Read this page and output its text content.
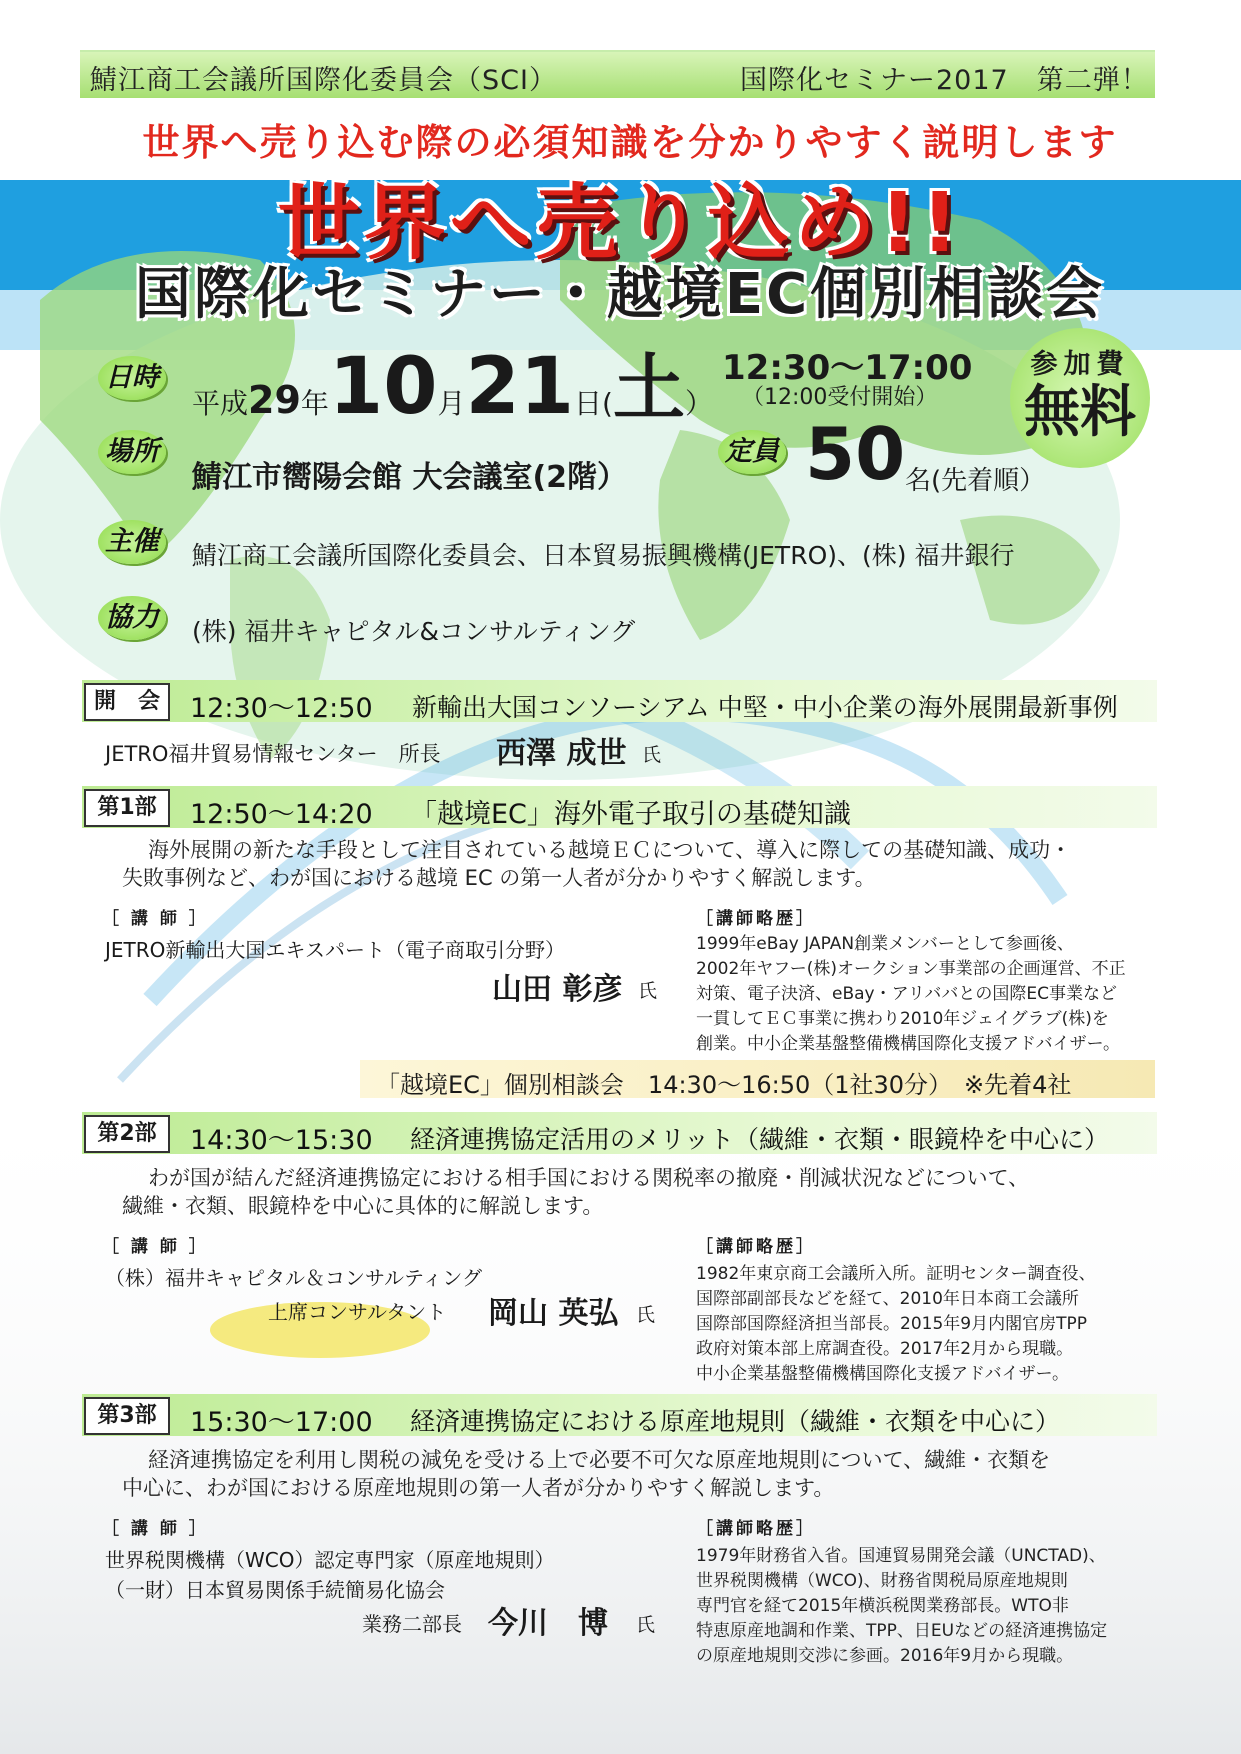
鯖江商工会議所国際化委員会（SCI）	国際化セミナー2017　第二弾！
世界へ売り込む際の必須知識を分かりやすく説明します
世界へ売り込め!!
国際化セミナー・越境EC個別相談会
日時
平成29年10月21日(土）
12:30〜17:00
（12:00受付開始）
参加費
無料
場所
鯖江市嚮陽会館 大会議室(2階）
定員 50 名(先着順）
主催 鯖江商工会議所国際化委員会、日本貿易振興機構(JETRO)、(株) 福井銀行
協力 (株) 福井キャピタル&コンサルティング
開　会	12:30〜12:50 新輸出大国コンソーシアム 中堅・中小企業の海外展開最新事例
JETRO福井貿易情報センター　所長 西澤 成世 氏
第1部	12:50〜14:20 「越境EC」海外電子取引の基礎知識
海外展開の新たな手段として注目されている越境ＥＣについて、導入に際しての基礎知識、成功・
失敗事例など、わが国における越境 EC の第一人者が分かりやすく解説します。
［ 講 師 ］	［講師略歴］
JETRO新輸出大国エキスパート（電子商取引分野）
山田 彰彦 氏
1999年eBay JAPAN創業メンバーとして参画後、
2002年ヤフー(株)オークション事業部の企画運営、不正
対策、電子決済、eBay・アリババとの国際EC事業など
一貫してＥＣ事業に携わり2010年ジェイグラブ(株)を
創業。中小企業基盤整備機構国際化支援アドバイザー。
「越境EC」個別相談会　14:30〜16:50（1社30分）　※先着4社
第2部	14:30〜15:30 経済連携協定活用のメリット（繊維・衣類・眼鏡枠を中心に）
わが国が結んだ経済連携協定における相手国における関税率の撤廃・削減状況などについて、
繊維・衣類、眼鏡枠を中心に具体的に解説します。
［ 講 師 ］	［講師略歴］
（株）福井キャピタル＆コンサルティング
上席コンサルタント 岡山 英弘 氏
1982年東京商工会議所入所。証明センター調査役、
国際部副部長などを経て、2010年日本商工会議所
国際部国際経済担当部長。2015年9月内閣官房TPP
政府対策本部上席調査役。2017年2月から現職。
中小企業基盤整備機構国際化支援アドバイザー。
第3部	15:30〜17:00 経済連携協定における原産地規則（繊維・衣類を中心に）
経済連携協定を利用し関税の減免を受ける上で必要不可欠な原産地規則について、繊維・衣類を
中心に、わが国における原産地規則の第一人者が分かりやすく解説します。
［ 講 師 ］	［講師略歴］
世界税関機構（WCO）認定専門家（原産地規則）
（一財）日本貿易関係手続簡易化協会
業務二部長 今川　博 氏
1979年財務省入省。国連貿易開発会議（UNCTAD)、
世界税関機構（WCO)、財務省関税局原産地規則
専門官を経て2015年横浜税関業務部長。WTO非
特恵原産地調和作業、TPP、日EUなどの経済連携協定
の原産地規則交渉に参画。2016年9月から現職。
